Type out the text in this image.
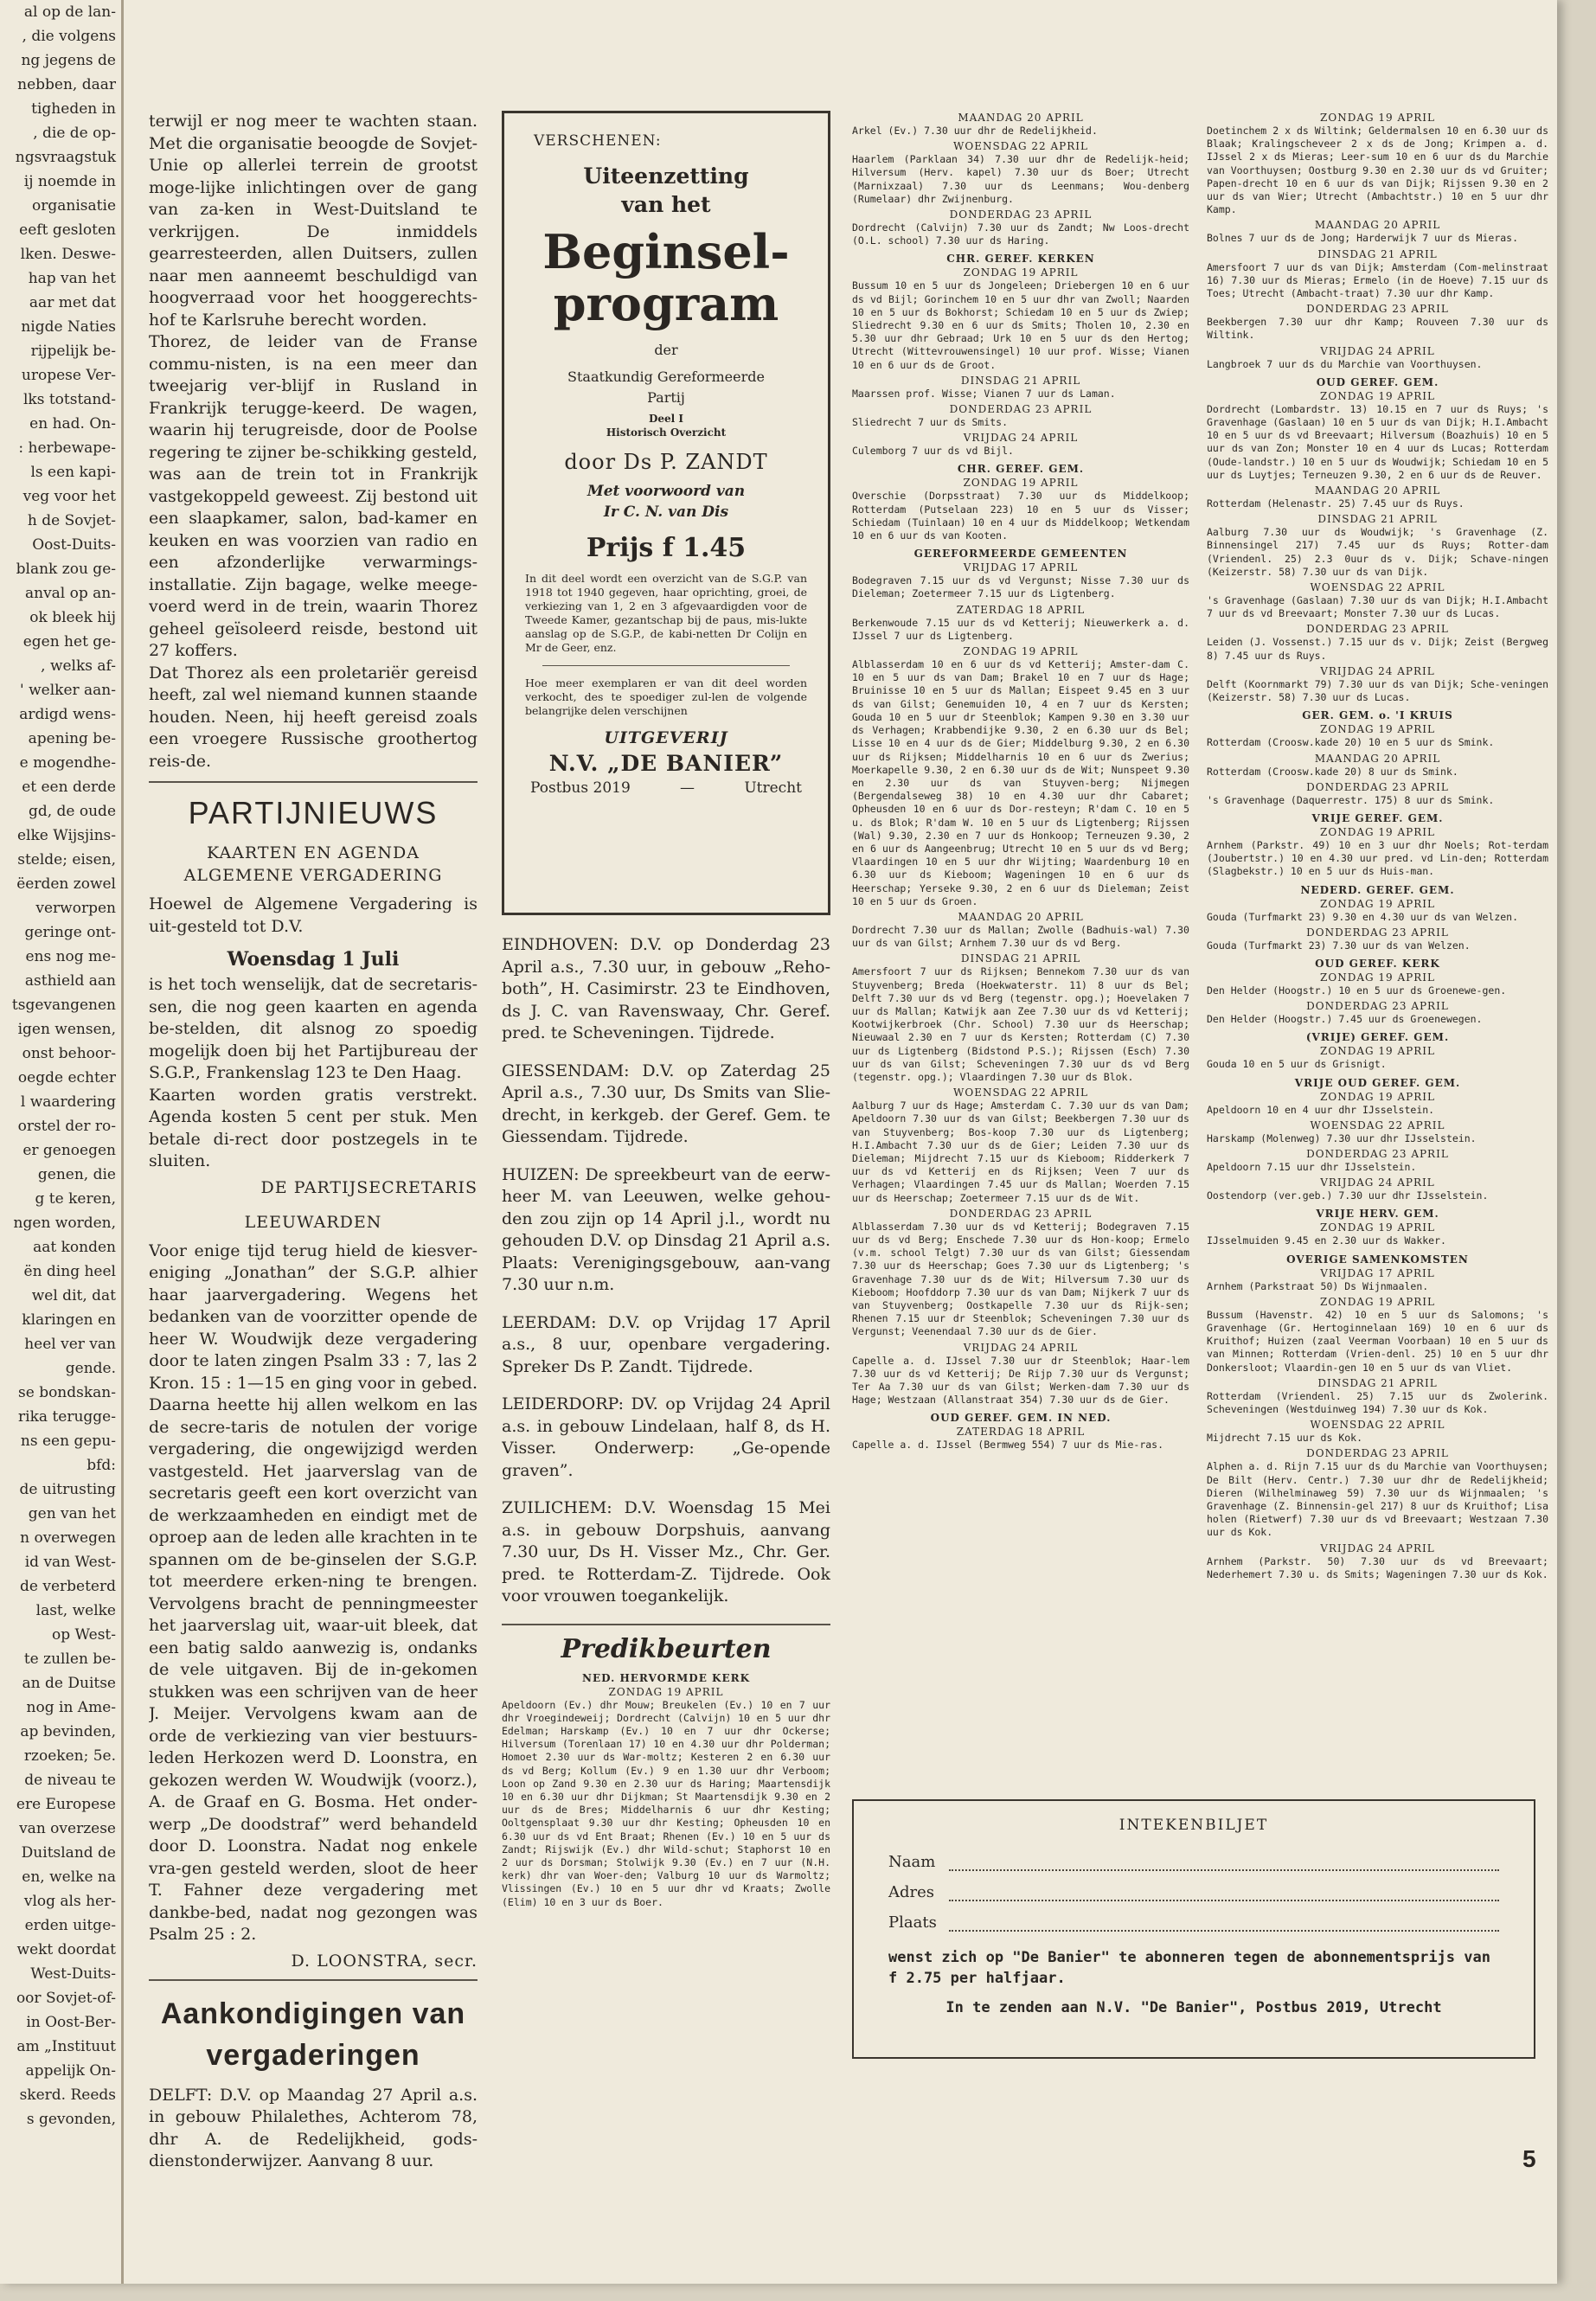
al op de lan-

, die volgens

ng jegens de

nebben, daar

tigheden in

, die de op-

ngsvraagstuk

ij noemde in

organisatie

eeft gesloten

lken. Deswe-

hap van het

aar met dat

nigde Naties

rijpelijk be-

uropese Ver-

lks totstand-

en had. On-

: herbewape-

ls een kapi-

veg voor het

h de Sovjet-

Oost-Duits-

blank zou ge-

anval op an-

ok bleek hij

egen het ge-

, welks af-

' welker aan-

ardigd wens-

apening be-

e mogendhe-

et een derde

gd, de oude

elke Wijsjins-

stelde; eisen,

ëerden zowel

verworpen

geringe ont-

ens nog me-

asthield aan

tsgevangenen

igen wensen,

onst behoor-

oegde echter

l waardering

orstel der ro-

er genoegen

genen, die

g te keren,

ngen worden,

aat konden

ën ding heel

wel dit, dat

klaringen en

heel ver van

gende.

se bondskan-

rika terugge-

ns een gepu-

bfd:

de uitrusting

gen van het

n overwegen

id van West-

de verbeterd

last, welke

op West-

te zullen be-

an de Duitse

nog in Ame-

ap bevinden,

rzoeken; 5e.

de niveau te

ere Europese

van overzese

Duitsland de

en, welke na

vlog als her-

erden uitge-

wekt doordat

West-Duits-

oor Sovjet-of-

in Oost-Ber-

am „Instituut

appelijk On-

skerd. Reeds

s gevonden,

terwijl er nog meer te wachten staan. Met die organisatie beoogde de Sovjet-Unie op allerlei terrein de grootst moge-lijke inlichtingen over de gang van za-ken in West-Duitsland te verkrijgen. De inmiddels gearresteerden, allen Duitsers, zullen naar men aanneemt beschuldigd van hoogverraad voor het hooggerechts-hof te Karlsruhe berecht worden.

Thorez, de leider van de Franse commu-nisten, is na een meer dan tweejarig ver-blijf in Rusland in Frankrijk terugge-keerd. De wagen, waarin hij terugreisde, door de Poolse regering te zijner be-schikking gesteld, was aan de trein tot in Frankrijk vastgekoppeld geweest. Zij bestond uit een slaapkamer, salon, bad-kamer en keuken en was voorzien van radio en een afzonderlijke verwarmings-installatie. Zijn bagage, welke meege-voerd werd in de trein, waarin Thorez geheel geïsoleerd reisde, bestond uit 27 koffers.

Dat Thorez als een proletariër gereisd heeft, zal wel niemand kunnen staande houden. Neen, hij heeft gereisd zoals een vroegere Russische groothertog reis-de.

PARTIJNIEUWS

KAARTEN EN AGENDA ALGEMENE VERGADERING

Hoewel de Algemene Vergadering is uit-gesteld tot D.V.

Woensdag 1 Juli

is het toch wenselijk, dat de secretaris-sen, die nog geen kaarten en agenda be-stelden, dit alsnog zo spoedig mogelijk doen bij het Partijbureau der S.G.P., Frankenslag 123 te Den Haag.

Kaarten worden gratis verstrekt. Agenda kosten 5 cent per stuk. Men betale di-rect door postzegels in te sluiten.

DE PARTIJSECRETARIS

LEEUWARDEN

Voor enige tijd terug hield de kiesver-eniging „Jonathan” der S.G.P. alhier haar jaarvergadering. Wegens het bedanken van de voorzitter opende de heer W. Woudwijk deze vergadering door te laten zingen Psalm 33 : 7, las 2 Kron. 15 : 1—15 en ging voor in gebed. Daarna heette hij allen welkom en las de secre-taris de notulen der vorige vergadering, die ongewijzigd werden vastgesteld. Het jaarverslag van de secretaris geeft een kort overzicht van de werkzaamheden en eindigt met de oproep aan de leden alle krachten in te spannen om de be-ginselen der S.G.P. tot meerdere erken-ning te brengen. Vervolgens bracht de penningmeester het jaarverslag uit, waar-uit bleek, dat een batig saldo aanwezig is, ondanks de vele uitgaven. Bij de in-gekomen stukken was een schrijven van de heer J. Meijer. Vervolgens kwam aan de orde de verkiezing van vier bestuurs-leden Herkozen werd D. Loonstra, en gekozen werden W. Woudwijk (voorz.), A. de Graaf en G. Bosma. Het onder-werp „De doodstraf” werd behandeld door D. Loonstra. Nadat nog enkele vra-gen gesteld werden, sloot de heer T. Fahner deze vergadering met dankbe-bed, nadat nog gezongen was Psalm 25 : 2.

D. LOONSTRA, secr.
Aankondigingen van vergaderingen

DELFT: D.V. op Maandag 27 April a.s. in gebouw Philalethes, Achterom 78, dhr A. de Redelijkheid, gods-dienstonderwijzer. Aanvang 8 uur.

VERSCHENEN:

Uiteenzetting

van het

Beginsel-

program

der

Staatkundig Gereformeerde

Partij

Deel I

Historisch Overzicht

door Ds P. ZANDT

Met voorwoord van

Ir C. N. van Dis

Prijs f 1.45

In dit deel wordt een overzicht van de S.G.P. van 1918 tot 1940 gegeven, haar oprichting, groei, de verkiezing van 1, 2 en 3 afgevaardigden voor de Tweede Kamer, gezantschap bij de paus, mis-lukte aanslag op de S.G.P., de kabi-netten Dr Colijn en Mr de Geer, enz.

Hoe meer exemplaren er van dit deel worden verkocht, des te spoediger zul-len de volgende belangrijke delen verschijnen

UITGEVERIJ

N.V. „DE BANIER”

Postbus 2019	—	Utrecht

EINDHOVEN: D.V. op Donderdag 23 April a.s., 7.30 uur, in gebouw „Reho-both”, H. Casimirstr. 23 te Eindhoven, ds J. C. van Ravenswaay, Chr. Geref. pred. te Scheveningen. Tijdrede.

GIESSENDAM: D.V. op Zaterdag 25 April a.s., 7.30 uur, Ds Smits van Slie-drecht, in kerkgeb. der Geref. Gem. te Giessendam. Tijdrede.

HUIZEN: De spreekbeurt van de eerw-heer M. van Leeuwen, welke gehou-den zou zijn op 14 April j.l., wordt nu gehouden D.V. op Dinsdag 21 April a.s. Plaats: Verenigingsgebouw, aan-vang 7.30 uur n.m.

LEERDAM: D.V. op Vrijdag 17 April a.s., 8 uur, openbare vergadering. Spreker Ds P. Zandt. Tijdrede.

LEIDERDORP: DV. op Vrijdag 24 April a.s. in gebouw Lindelaan, half 8, ds H. Visser. Onderwerp: „Ge-opende graven”.

ZUILICHEM: D.V. Woensdag 15 Mei a.s. in gebouw Dorpshuis, aanvang 7.30 uur, Ds H. Visser Mz., Chr. Ger. pred. te Rotterdam-Z. Tijdrede. Ook voor vrouwen toegankelijk.

Predikbeurten

NED. HERVORMDE KERK

ZONDAG 19 APRIL

Apeldoorn (Ev.) dhr Mouw; Breukelen (Ev.) 10 en 7 uur dhr Vroegindeweij; Dordrecht (Calvijn) 10 en 5 uur dhr Edelman; Harskamp (Ev.) 10 en 7 uur dhr Ockerse; Hilversum (Torenlaan 17) 10 en 4.30 uur dhr Polderman; Homoet 2.30 uur ds War-moltz; Kesteren 2 en 6.30 uur ds vd Berg; Kollum (Ev.) 9 en 1.30 uur dhr Verboom; Loon op Zand 9.30 en 2.30 uur ds Haring; Maartensdijk 10 en 6.30 uur dhr Dijkman; St Maartensdijk 9.30 en 2 uur ds de Bres; Middelharnis 6 uur dhr Kesting; Ooltgensplaat 9.30 uur dhr Kesting; Opheusden 10 en 6.30 uur ds vd Ent Braat; Rhenen (Ev.) 10 en 5 uur ds Zandt; Rijswijk (Ev.) dhr Wild-schut; Staphorst 10 en 2 uur ds Dorsman; Stolwijk 9.30 (Ev.) en 7 uur (N.H. kerk) dhr van Woer-den; Valburg 10 uur ds Warmoltz; Vlissingen (Ev.) 10 en 5 uur dhr vd Kraats; Zwolle (Elim) 10 en 3 uur ds Boer.

MAANDAG 20 APRIL

Arkel (Ev.) 7.30 uur dhr de Redelijkheid.

WOENSDAG 22 APRIL

Haarlem (Parklaan 34) 7.30 uur dhr de Redelijk-heid; Hilversum (Herv. kapel) 7.30 uur ds Boer; Utrecht (Marnixzaal) 7.30 uur ds Leenmans; Wou-denberg (Rumelaar) dhr Zwijnenburg.

DONDERDAG 23 APRIL

Dordrecht (Calvijn) 7.30 uur ds Zandt; Nw Loos-drecht (O.L. school) 7.30 uur ds Haring.

CHR. GEREF. KERKEN

ZONDAG 19 APRIL

Bussum 10 en 5 uur ds Jongeleen; Driebergen 10 en 6 uur ds vd Bijl; Gorinchem 10 en 5 uur dhr van Zwoll; Naarden 10 en 5 uur ds Bokhorst; Schiedam 10 en 5 uur ds Zwiep; Sliedrecht 9.30 en 6 uur ds Smits; Tholen 10, 2.30 en 5.30 uur dhr Gebraad; Urk 10 en 5 uur ds den Hertog; Utrecht (Wittevrouwensingel) 10 uur prof. Wisse; Vianen 10 en 6 uur ds de Groot.

DINSDAG 21 APRIL

Maarssen prof. Wisse; Vianen 7 uur ds Laman.

DONDERDAG 23 APRIL

Sliedrecht 7 uur ds Smits.

VRIJDAG 24 APRIL

Culemborg 7 uur ds vd Bijl.

CHR. GEREF. GEM.

ZONDAG 19 APRIL

Overschie (Dorpsstraat) 7.30 uur ds Middelkoop; Rotterdam (Putselaan 223) 10 en 5 uur ds Visser; Schiedam (Tuinlaan) 10 en 4 uur ds Middelkoop; Wetkendam 10 en 6 uur ds van Kooten.

GEREFORMEERDE GEMEENTEN

VRIJDAG 17 APRIL

Bodegraven 7.15 uur ds vd Vergunst; Nisse 7.30 uur ds Dieleman; Zoetermeer 7.15 uur ds Ligtenberg.

ZATERDAG 18 APRIL

Berkenwoude 7.15 uur ds vd Ketterij; Nieuwerkerk a. d. IJssel 7 uur ds Ligtenberg.

ZONDAG 19 APRIL

Alblasserdam 10 en 6 uur ds vd Ketterij; Amster-dam C. 10 en 5 uur ds van Dam; Brakel 10 en 7 uur ds Hage; Bruinisse 10 en 5 uur ds Mallan; Eispeet 9.45 en 3 uur ds van Gilst; Genemuiden 10, 4 en 7 uur ds Kersten; Gouda 10 en 5 uur dr Steenblok; Kampen 9.30 en 3.30 uur ds Verhagen; Krabbendijke 9.30, 2 en 6.30 uur ds Bel; Lisse 10 en 4 uur ds de Gier; Middelburg 9.30, 2 en 6.30 uur ds Rijksen; Middelharnis 10 en 6 uur ds Zwerius; Moerkapelle 9.30, 2 en 6.30 uur ds de Wit; Nunspeet 9.30 en 2.30 uur ds van Stuyven-berg; Nijmegen (Bergendalseweg 38) 10 en 4.30 uur dhr Cabaret; Opheusden 10 en 6 uur ds Dor-resteyn; R'dam C. 10 en 5 u. ds Blok; R'dam W. 10 en 5 uur ds Ligtenberg; Rijssen (Wal) 9.30, 2.30 en 7 uur ds Honkoop; Terneuzen 9.30, 2 en 6 uur ds Aangeenbrug; Utrecht 10 en 5 uur ds vd Berg; Vlaardingen 10 en 5 uur dhr Wijting; Waardenburg 10 en 6.30 uur ds Kieboom; Wageningen 10 en 6 uur ds Heerschap; Yerseke 9.30, 2 en 6 uur ds Dieleman; Zeist 10 en 5 uur ds Groen.

MAANDAG 20 APRIL

Dordrecht 7.30 uur ds Mallan; Zwolle (Badhuis-wal) 7.30 uur ds van Gilst; Arnhem 7.30 uur ds vd Berg.

DINSDAG 21 APRIL

Amersfoort 7 uur ds Rijksen; Bennekom 7.30 uur ds van Stuyvenberg; Breda (Hoekwaterstr. 11) 8 uur ds Bel; Delft 7.30 uur ds vd Berg (tegenstr. opg.); Hoevelaken 7 uur ds Mallan; Katwijk aan Zee 7.30 uur ds vd Ketterij; Kootwijkerbroek (Chr. School) 7.30 uur ds Heerschap; Nieuwaal 2.30 en 7 uur ds Kersten; Rotterdam (C) 7.30 uur ds Ligtenberg (Bidstond P.S.); Rijssen (Esch) 7.30 uur ds van Gilst; Scheveningen 7.30 uur ds vd Berg (tegenstr. opg.); Vlaardingen 7.30 uur ds Blok.

WOENSDAG 22 APRIL

Aalburg 7 uur ds Hage; Amsterdam C. 7.30 uur ds van Dam; Apeldoorn 7.30 uur ds van Gilst; Beekbergen 7.30 uur ds van Stuyvenberg; Bos-koop 7.30 uur ds Ligtenberg; H.I.Ambacht 7.30 uur ds de Gier; Leiden 7.30 uur ds Dieleman; Mijdrecht 7.15 uur ds Kieboom; Ridderkerk 7 uur ds vd Ketterij en ds Rijksen; Veen 7 uur ds Verhagen; Vlaardingen 7.45 uur ds Mallan; Woerden 7.15 uur ds Heerschap; Zoetermeer 7.15 uur ds de Wit.

DONDERDAG 23 APRIL

Alblasserdam 7.30 uur ds vd Ketterij; Bodegraven 7.15 uur ds vd Berg; Enschede 7.30 uur ds Hon-koop; Ermelo (v.m. school Telgt) 7.30 uur ds van Gilst; Giessendam 7.30 uur ds Heerschap; Goes 7.30 uur ds Ligtenberg; 's Gravenhage 7.30 uur ds de Wit; Hilversum 7.30 uur ds Kieboom; Hoofddorp 7.30 uur ds van Dam; Nijkerk 7 uur ds van Stuyvenberg; Oostkapelle 7.30 uur ds Rijk-sen; Rhenen 7.15 uur dr Steenblok; Scheveningen 7.30 uur ds Vergunst; Veenendaal 7.30 uur ds de Gier.

VRIJDAG 24 APRIL

Capelle a. d. IJssel 7.30 uur dr Steenblok; Haar-lem 7.30 uur ds vd Ketterij; De Rijp 7.30 uur ds Vergunst; Ter Aa 7.30 uur ds van Gilst; Werken-dam 7.30 uur ds Hage; Westzaan (Allanstraat 354) 7.30 uur ds de Gier.

OUD GEREF. GEM. IN NED.

ZATERDAG 18 APRIL

Capelle a. d. IJssel (Bermweg 554) 7 uur ds Mie-ras.

ZONDAG 19 APRIL

Doetinchem 2 x ds Wiltink; Geldermalsen 10 en 6.30 uur ds Blaak; Kralingscheveer 2 x ds de Jong; Krimpen a. d. IJssel 2 x ds Mieras; Leer-sum 10 en 6 uur ds du Marchie van Voorthuysen; Oostburg 9.30 en 2.30 uur ds vd Gruiter; Papen-drecht 10 en 6 uur ds van Dijk; Rijssen 9.30 en 2 uur ds van Wier; Utrecht (Ambachtstr.) 10 en 5 uur dhr Kamp.

MAANDAG 20 APRIL

Bolnes 7 uur ds de Jong; Harderwijk 7 uur ds Mieras.

DINSDAG 21 APRIL

Amersfoort 7 uur ds van Dijk; Amsterdam (Com-melinstraat 16) 7.30 uur ds Mieras; Ermelo (in de Hoeve) 7.15 uur ds Toes; Utrecht (Ambacht-traat) 7.30 uur dhr Kamp.

DONDERDAG 23 APRIL

Beekbergen 7.30 uur dhr Kamp; Rouveen 7.30 uur ds Wiltink.

VRIJDAG 24 APRIL

Langbroek 7 uur ds du Marchie van Voorthuysen.

OUD GEREF. GEM.

ZONDAG 19 APRIL

Dordrecht (Lombardstr. 13) 10.15 en 7 uur ds Ruys; 's Gravenhage (Gaslaan) 10 en 5 uur ds van Dijk; H.I.Ambacht 10 en 5 uur ds vd Breevaart; Hilversum (Boazhuis) 10 en 5 uur ds van Zon; Monster 10 en 4 uur ds Lucas; Rotterdam (Oude-landstr.) 10 en 5 uur ds Woudwijk; Schiedam 10 en 5 uur ds Luytjes; Terneuzen 9.30, 2 en 6 uur ds de Reuver.

MAANDAG 20 APRIL

Rotterdam (Helenastr. 25) 7.45 uur ds Ruys.

DINSDAG 21 APRIL

Aalburg 7.30 uur ds Woudwijk; 's Gravenhage (Z. Binnensingel 217) 7.45 uur ds Ruys; Rotter-dam (Vriendenl. 25) 2.3 0uur ds v. Dijk; Schave-ningen (Keizerstr. 58) 7.30 uur ds van Dijk.

WOENSDAG 22 APRIL

's Gravenhage (Gaslaan) 7.30 uur ds van Dijk; H.I.Ambacht 7 uur ds vd Breevaart; Monster 7.30 uur ds Lucas.

DONDERDAG 23 APRIL

Leiden (J. Vossenst.) 7.15 uur ds v. Dijk; Zeist (Bergweg 8) 7.45 uur ds Ruys.

VRIJDAG 24 APRIL

Delft (Koornmarkt 79) 7.30 uur ds van Dijk; Sche-veningen (Keizerstr. 58) 7.30 uur ds Lucas.

GER. GEM. o. 'I KRUIS

ZONDAG 19 APRIL

Rotterdam (Croosw.kade 20) 10 en 5 uur ds Smink.

MAANDAG 20 APRIL

Rotterdam (Croosw.kade 20) 8 uur ds Smink.

DONDERDAG 23 APRIL

's Gravenhage (Daquerrestr. 175) 8 uur ds Smink.

VRIJE GEREF. GEM.

ZONDAG 19 APRIL

Arnhem (Parkstr. 49) 10 en 3 uur dhr Noels; Rot-terdam (Joubertstr.) 10 en 4.30 uur pred. vd Lin-den; Rotterdam (Slagbekstr.) 10 en 5 uur ds Huis-man.

NEDERD. GEREF. GEM.

ZONDAG 19 APRIL

Gouda (Turfmarkt 23) 9.30 en 4.30 uur ds van Welzen.

DONDERDAG 23 APRIL

Gouda (Turfmarkt 23) 7.30 uur ds van Welzen.

OUD GEREF. KERK

ZONDAG 19 APRIL

Den Helder (Hoogstr.) 10 en 5 uur ds Groenewe-gen.

DONDERDAG 23 APRIL

Den Helder (Hoogstr.) 7.45 uur ds Groenewegen.

(VRIJE) GEREF. GEM.

ZONDAG 19 APRIL

Gouda 10 en 5 uur ds Grisnigt.

VRIJE OUD GEREF. GEM.

ZONDAG 19 APRIL

Apeldoorn 10 en 4 uur dhr IJsselstein.

WOENSDAG 22 APRIL

Harskamp (Molenweg) 7.30 uur dhr IJsselstein.

DONDERDAG 23 APRIL

Apeldoorn 7.15 uur dhr IJsselstein.

VRIJDAG 24 APRIL

Oostendorp (ver.geb.) 7.30 uur dhr IJsselstein.

VRIJE HERV. GEM.

ZONDAG 19 APRIL

IJsselmuiden 9.45 en 2.30 uur ds Wakker.

OVERIGE SAMENKOMSTEN

VRIJDAG 17 APRIL

Arnhem (Parkstraat 50) Ds Wijnmaalen.

ZONDAG 19 APRIL

Bussum (Havenstr. 42) 10 en 5 uur ds Salomons; 's Gravenhage (Gr. Hertoginnelaan 169) 10 en 6 uur ds Kruithof; Huizen (zaal Veerman Voorbaan) 10 en 5 uur ds van Minnen; Rotterdam (Vrien-denl. 25) 10 en 5 uur dhr Donkersloot; Vlaardin-gen 10 en 5 uur ds van Vliet.

DINSDAG 21 APRIL

Rotterdam (Vriendenl. 25) 7.15 uur ds Zwolerink. Scheveningen (Westduinweg 194) 7.30 uur ds Kok.

WOENSDAG 22 APRIL

Mijdrecht 7.15 uur ds Kok.

DONDERDAG 23 APRIL

Alphen a. d. Rijn 7.15 uur ds du Marchie van Voorthuysen; De Bilt (Herv. Centr.) 7.30 uur dhr de Redelijkheid; Dieren (Wilhelminaweg 59) 7.30 uur ds Wijnmaalen; 's Gravenhage (Z. Binnensin-gel 217) 8 uur ds Kruithof; Lisa holen (Rietwerf) 7.30 uur ds vd Breevaart; Westzaan 7.30 uur ds Kok.

VRIJDAG 24 APRIL

Arnhem (Parkstr. 50) 7.30 uur ds vd Breevaart; Nederhemert 7.30 u. ds Smits; Wageningen 7.30 uur ds Kok.

INTEKENBILJET

Naam
Adres
Plaats

wenst zich op "De Banier" te abonneren tegen de abonnementsprijs van f 2.75 per halfjaar.

In te zenden aan N.V. "De Banier", Postbus 2019, Utrecht

5
